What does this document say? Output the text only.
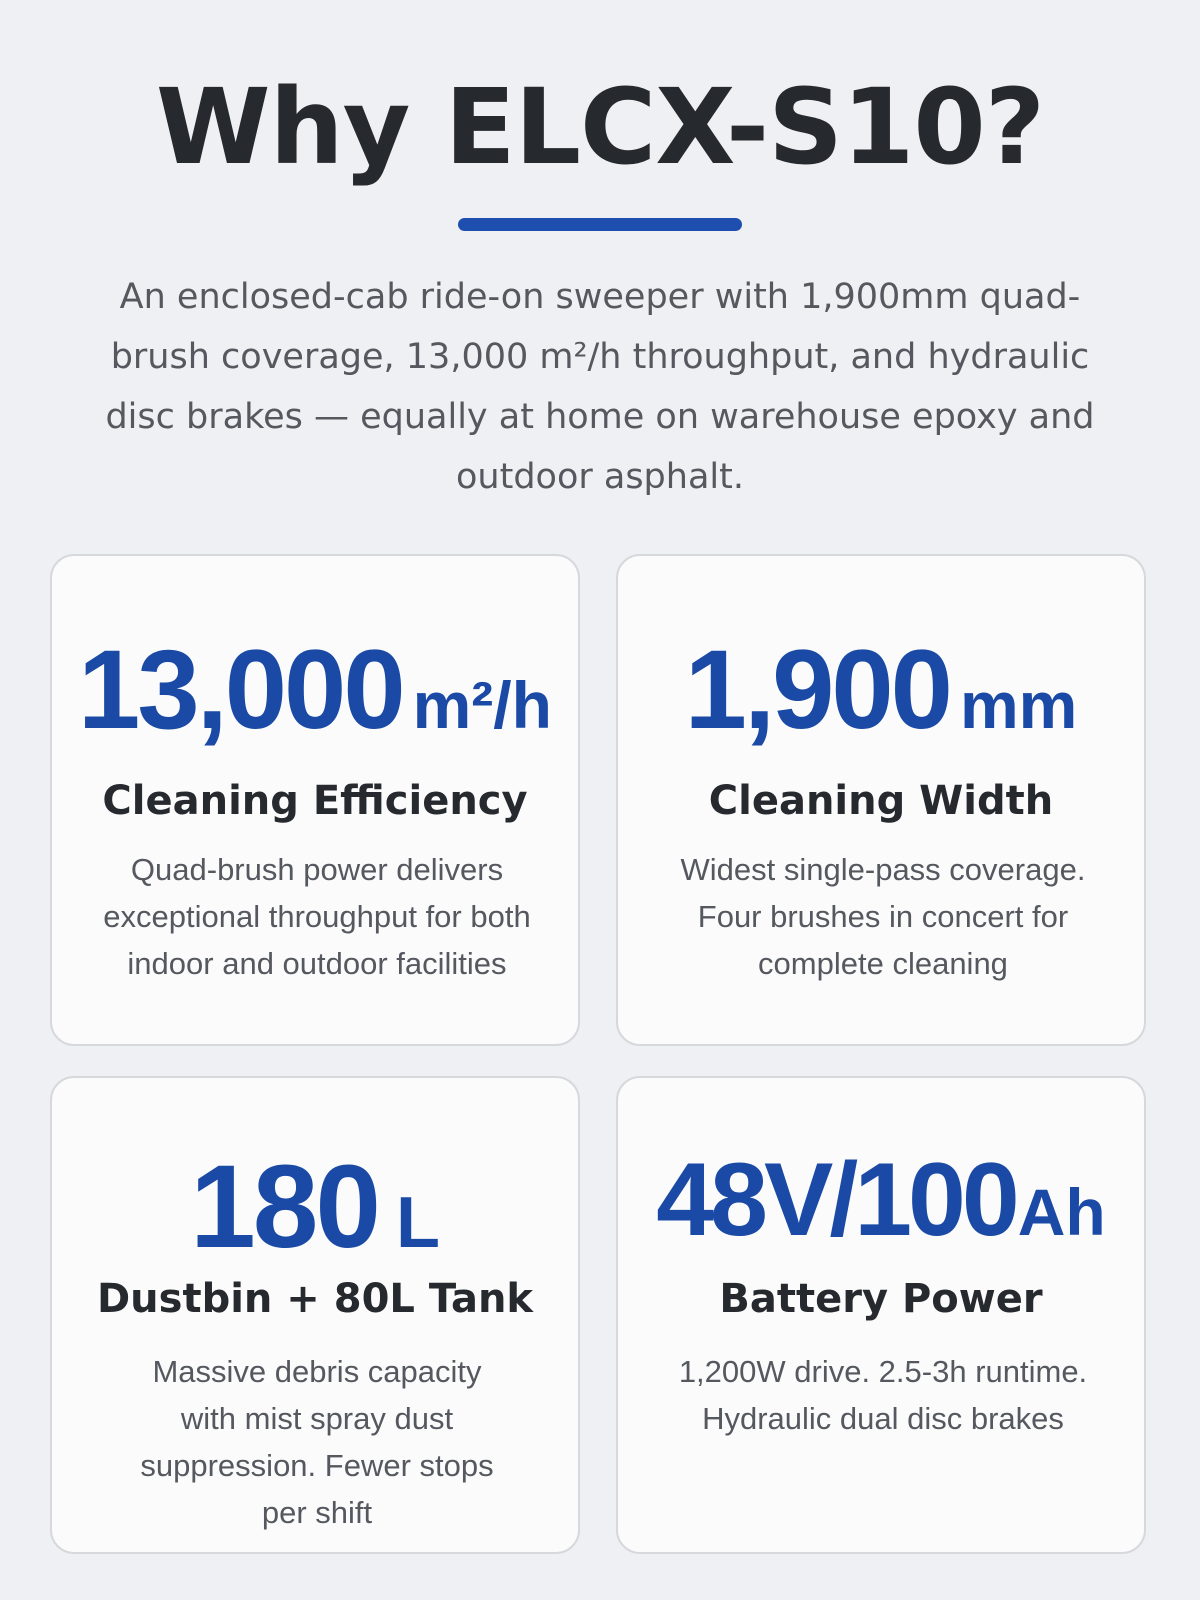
Why ELCX-S10?

An enclosed-cab ride-on sweeper with 1,900mm quad-brush coverage, 13,000 m²/h throughput, and hydraulic disc brakes — equally at home on warehouse epoxy and outdoor asphalt.

13,000 m²/h
Cleaning Efficiency
Quad-brush power delivers exceptional throughput for both indoor and outdoor facilities
1,900 mm
Cleaning Width
Widest single-pass coverage. Four brushes in concert for complete cleaning
180 L
Dustbin + 80L Tank
Massive debris capacity with mist spray dust suppression. Fewer stops per shift
48V/100Ah
Battery Power
1,200W drive. 2.5-3h runtime. Hydraulic dual disc brakes
